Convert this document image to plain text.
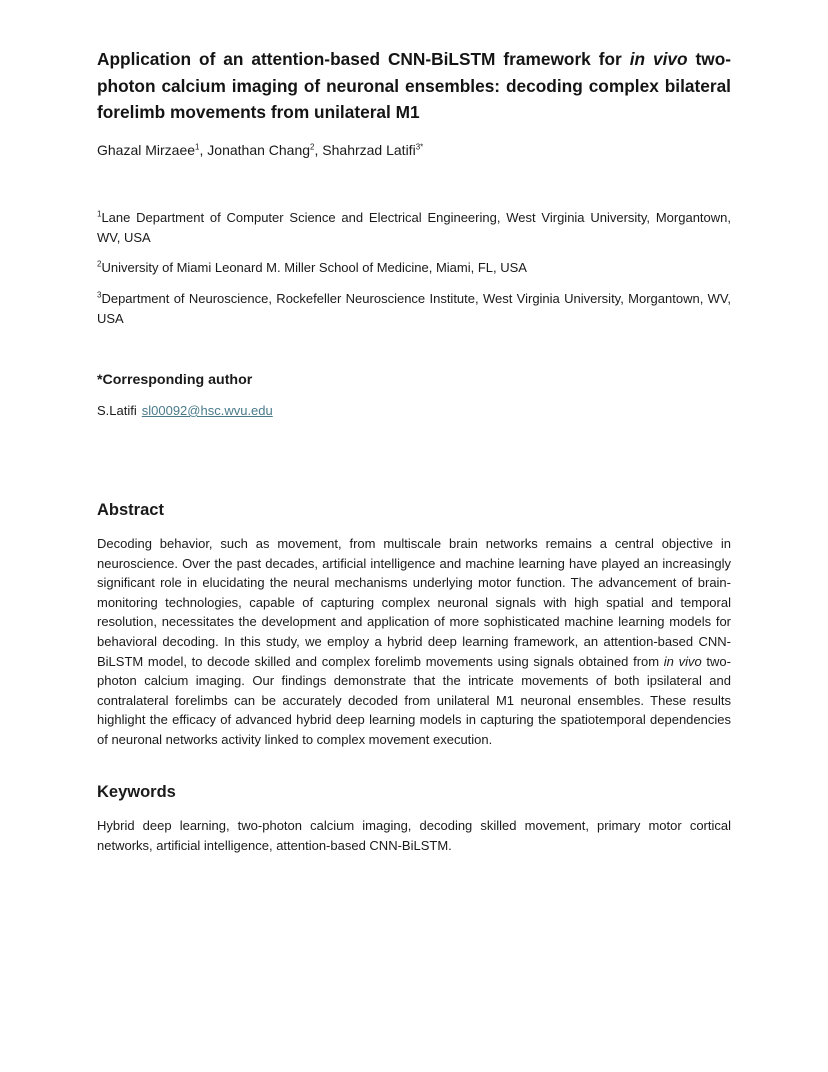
Application of an attention-based CNN-BiLSTM framework for in vivo two-photon calcium imaging of neuronal ensembles: decoding complex bilateral forelimb movements from unilateral M1

Ghazal Mirzaee$^1$, Jonathan Chang$^2$, Shahrzad Latifi$^{3*}$

$^1$Lane Department of Computer Science and Electrical Engineering, West Virginia University, Morgantown, WV, USA

$^2$University of Miami Leonard M. Miller School of Medicine, Miami, FL, USA

$^3$Department of Neuroscience, Rockefeller Neuroscience Institute, West Virginia University, Morgantown, WV, USA

*Corresponding author

S.Latifi sl00092@hsc.wvu.edu

Abstract

Decoding behavior, such as movement, from multiscale brain networks remains a central objective in neuroscience. Over the past decades, artificial intelligence and machine learning have played an increasingly significant role in elucidating the neural mechanisms underlying motor function. The advancement of brain-monitoring technologies, capable of capturing complex neuronal signals with high spatial and temporal resolution, necessitates the development and application of more sophisticated machine learning models for behavioral decoding. In this study, we employ a hybrid deep learning framework, an attention-based CNN-BiLSTM model, to decode skilled and complex forelimb movements using signals obtained from in vivo two-photon calcium imaging. Our findings demonstrate that the intricate movements of both ipsilateral and contralateral forelimbs can be accurately decoded from unilateral M1 neuronal ensembles. These results highlight the efficacy of advanced hybrid deep learning models in capturing the spatiotemporal dependencies of neuronal networks activity linked to complex movement execution.

Keywords

Hybrid deep learning, two-photon calcium imaging, decoding skilled movement, primary motor cortical networks, artificial intelligence, attention-based CNN-BiLSTM.
